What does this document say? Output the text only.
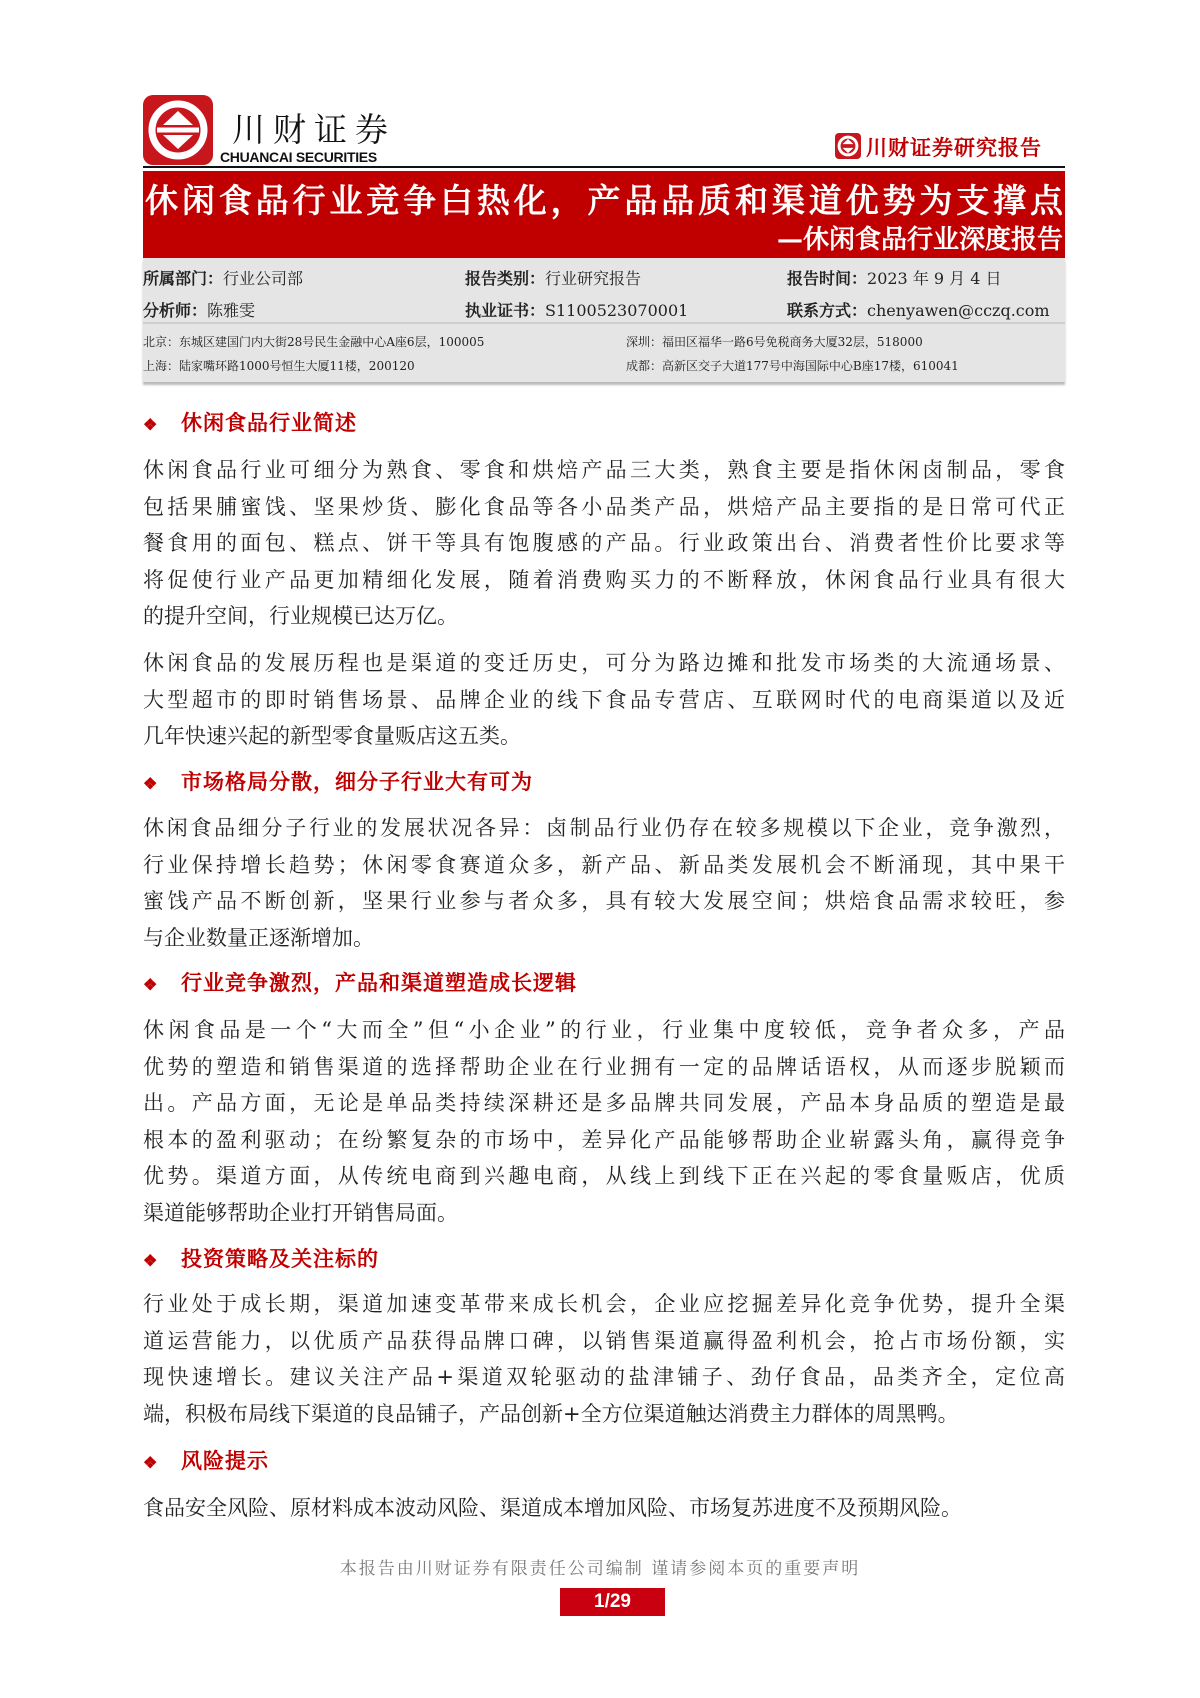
川财证券
CHUANCAI SECURITIES	川财证券研究报告
休闲食品行业竞争白热化，产品品质和渠道优势为支撑点
—休闲食品行业深度报告
所属部门：行业公司部	报告类别：行业研究报告	报告时间：2023 年 9 月 4 日
分析师：陈雅雯	执业证书：S1100523070001	联系方式：chenyawen@cczq.com
北京：东城区建国门内大街28号民生金融中心A座6层，100005	深圳：福田区福华一路6号免税商务大厦32层，518000
上海：陆家嘴环路1000号恒生大厦11楼，200120	成都：高新区交子大道177号中海国际中心B座17楼，610041
❖ 休闲食品行业简述
休闲食品行业可细分为熟食、零食和烘焙产品三大类，熟食主要是指休闲卤制品，零食
包括果脯蜜饯、坚果炒货、膨化食品等各小品类产品，烘焙产品主要指的是日常可代正
餐食用的面包、糕点、饼干等具有饱腹感的产品。行业政策出台、消费者性价比要求等
将促使行业产品更加精细化发展，随着消费购买力的不断释放，休闲食品行业具有很大
的提升空间，行业规模已达万亿。
休闲食品的发展历程也是渠道的变迁历史，可分为路边摊和批发市场类的大流通场景、
大型超市的即时销售场景、品牌企业的线下食品专营店、互联网时代的电商渠道以及近
几年快速兴起的新型零食量贩店这五类。
❖ 市场格局分散，细分子行业大有可为
休闲食品细分子行业的发展状况各异：卤制品行业仍存在较多规模以下企业，竞争激烈，
行业保持增长趋势；休闲零食赛道众多，新产品、新品类发展机会不断涌现，其中果干
蜜饯产品不断创新，坚果行业参与者众多，具有较大发展空间；烘焙食品需求较旺，参
与企业数量正逐渐增加。
❖ 行业竞争激烈，产品和渠道塑造成长逻辑
休闲食品是一个“大而全”但“小企业”的行业，行业集中度较低，竞争者众多，产品
优势的塑造和销售渠道的选择帮助企业在行业拥有一定的品牌话语权，从而逐步脱颖而
出。产品方面，无论是单品类持续深耕还是多品牌共同发展，产品本身品质的塑造是最
根本的盈利驱动；在纷繁复杂的市场中，差异化产品能够帮助企业崭露头角，赢得竞争
优势。渠道方面，从传统电商到兴趣电商，从线上到线下正在兴起的零食量贩店，优质
渠道能够帮助企业打开销售局面。
❖ 投资策略及关注标的
行业处于成长期，渠道加速变革带来成长机会，企业应挖掘差异化竞争优势，提升全渠
道运营能力，以优质产品获得品牌口碑，以销售渠道赢得盈利机会，抢占市场份额，实
现快速增长。建议关注产品+渠道双轮驱动的盐津铺子、劲仔食品，品类齐全，定位高
端，积极布局线下渠道的良品铺子，产品创新+全方位渠道触达消费主力群体的周黑鸭。
❖ 风险提示
食品安全风险、原材料成本波动风险、渠道成本增加风险、市场复苏进度不及预期风险。
本报告由川财证券有限责任公司编制 谨请参阅本页的重要声明
1/29
